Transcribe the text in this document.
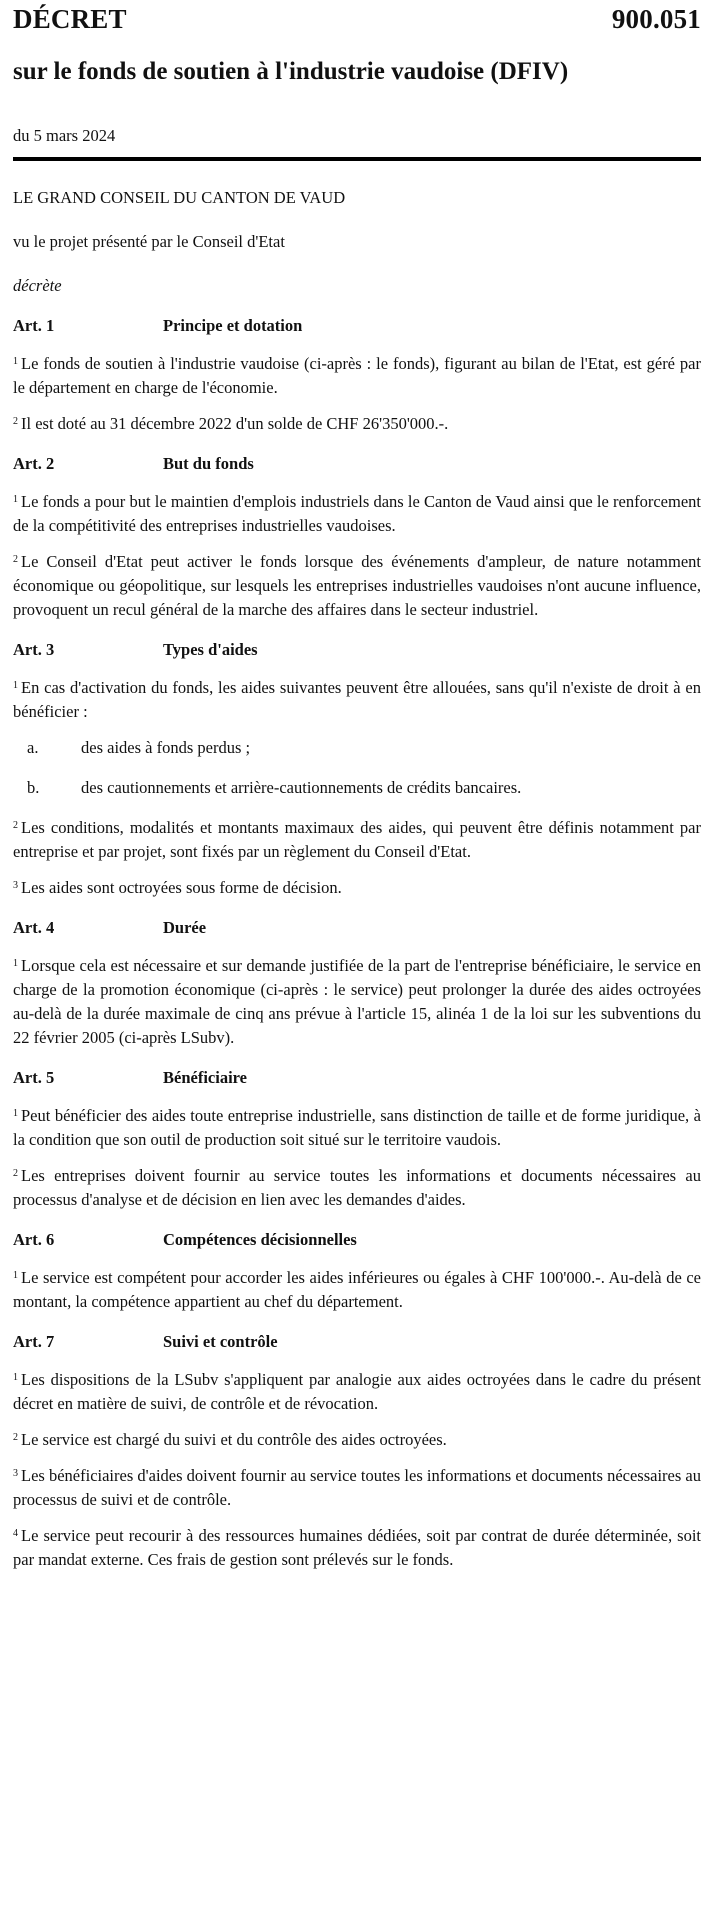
DÉCRET	900.051
sur le fonds de soutien à l'industrie vaudoise (DFIV)
du 5 mars 2024

LE GRAND CONSEIL DU CANTON DE VAUD

vu le projet présenté par le Conseil d'Etat

décrète

Art. 1	Principe et dotation

$^1$ Le fonds de soutien à l'industrie vaudoise (ci-après : le fonds), figurant au bilan de l'Etat, est géré par le département en charge de l'économie.

$^2$ Il est doté au 31 décembre 2022 d'un solde de CHF 26'350'000.-.

Art. 2	But du fonds

$^1$ Le fonds a pour but le maintien d'emplois industriels dans le Canton de Vaud ainsi que le renforcement de la compétitivité des entreprises industrielles vaudoises.

$^2$ Le Conseil d'Etat peut activer le fonds lorsque des événements d'ampleur, de nature notamment économique ou géopolitique, sur lesquels les entreprises industrielles vaudoises n'ont aucune influence, provoquent un recul général de la marche des affaires dans le secteur industriel.

Art. 3	Types d'aides

$^1$ En cas d'activation du fonds, les aides suivantes peuvent être allouées, sans qu'il n'existe de droit à en bénéficier :

a.	des aides à fonds perdus ;
b.	des cautionnements et arrière-cautionnements de crédits bancaires.

$^2$ Les conditions, modalités et montants maximaux des aides, qui peuvent être définis notamment par entreprise et par projet, sont fixés par un règlement du Conseil d'Etat.

$^3$ Les aides sont octroyées sous forme de décision.

Art. 4	Durée

$^1$ Lorsque cela est nécessaire et sur demande justifiée de la part de l'entreprise bénéficiaire, le service en charge de la promotion économique (ci-après : le service) peut prolonger la durée des aides octroyées au-delà de la durée maximale de cinq ans prévue à l'article 15, alinéa 1 de la loi sur les subventions du 22 février 2005 (ci-après LSubv).

Art. 5	Bénéficiaire

$^1$ Peut bénéficier des aides toute entreprise industrielle, sans distinction de taille et de forme juridique, à la condition que son outil de production soit situé sur le territoire vaudois.

$^2$ Les entreprises doivent fournir au service toutes les informations et documents nécessaires au processus d'analyse et de décision en lien avec les demandes d'aides.

Art. 6	Compétences décisionnelles

$^1$ Le service est compétent pour accorder les aides inférieures ou égales à CHF 100'000.-. Au-delà de ce montant, la compétence appartient au chef du département.

Art. 7	Suivi et contrôle

$^1$ Les dispositions de la LSubv s'appliquent par analogie aux aides octroyées dans le cadre du présent décret en matière de suivi, de contrôle et de révocation.

$^2$ Le service est chargé du suivi et du contrôle des aides octroyées.

$^3$ Les bénéficiaires d'aides doivent fournir au service toutes les informations et documents nécessaires au processus de suivi et de contrôle.

$^4$ Le service peut recourir à des ressources humaines dédiées, soit par contrat de durée déterminée, soit par mandat externe. Ces frais de gestion sont prélevés sur le fonds.
